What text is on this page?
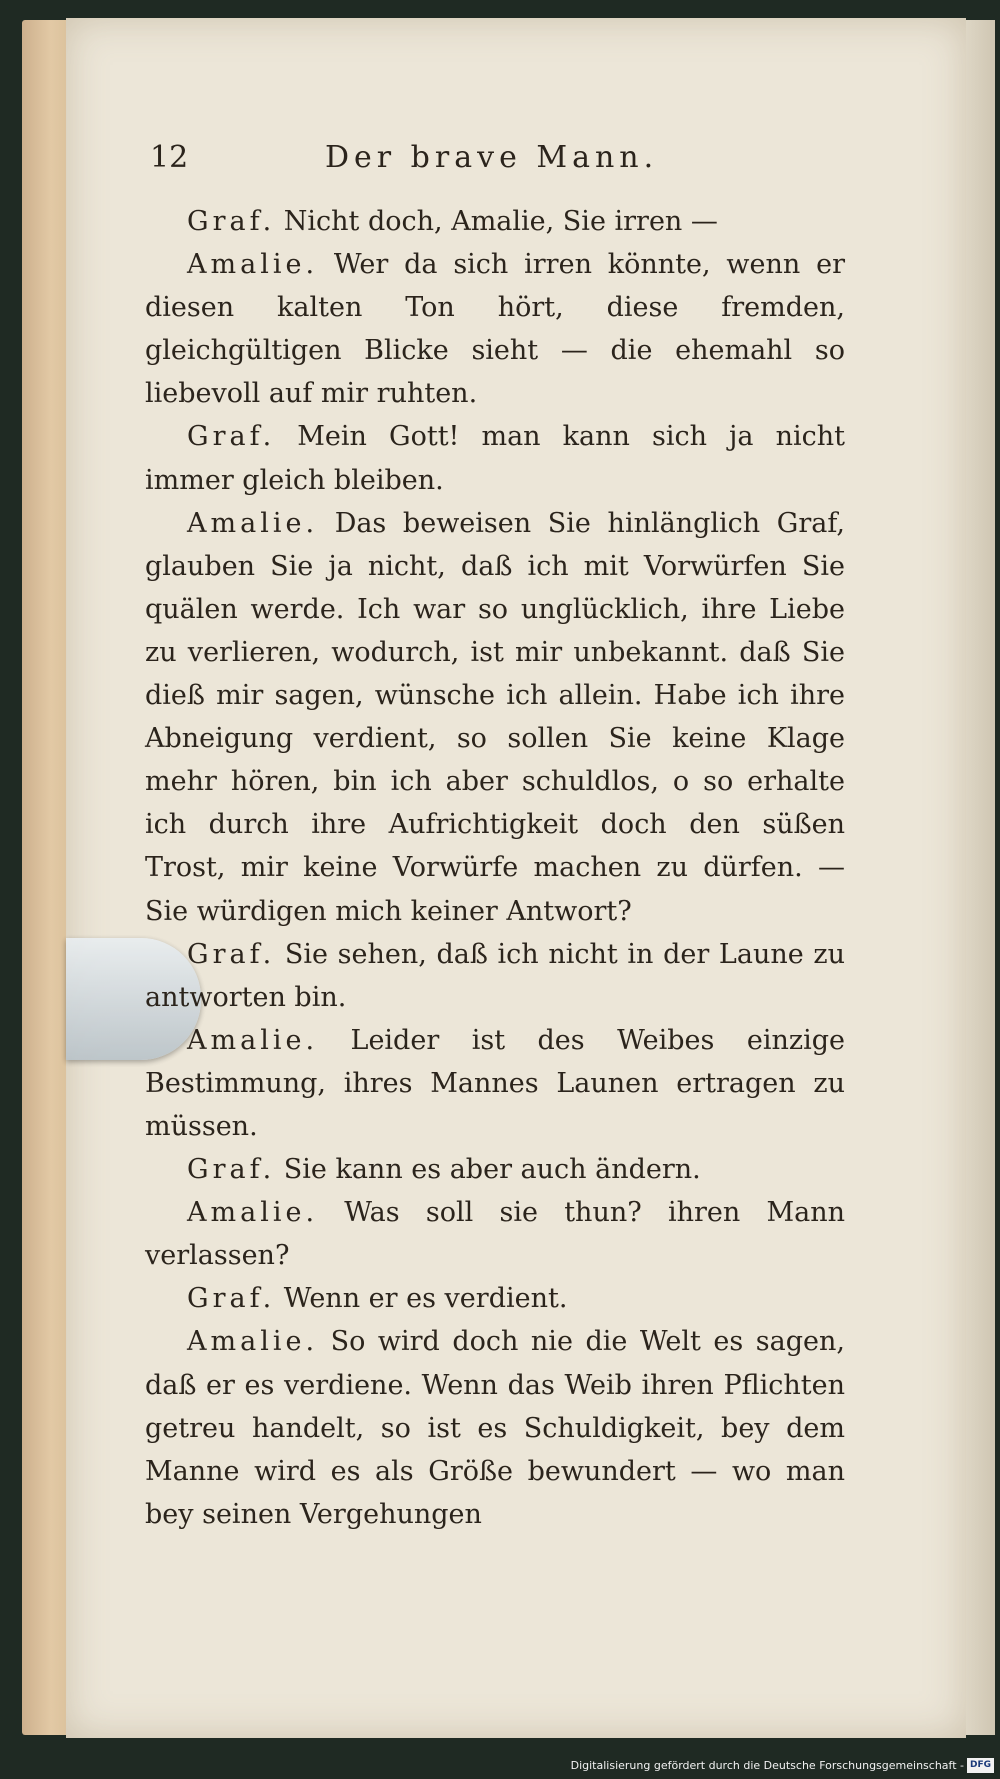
12	Der brave Mann.

Graf. Nicht doch, Amalie, Sie irren —

Amalie. Wer da sich irren könnte, wenn er diesen kalten Ton hört, diese fremden, gleichgültigen Blicke sieht — die ehemahl so liebevoll auf mir ruhten.

Graf. Mein Gott! man kann sich ja nicht immer gleich bleiben.

Amalie. Das beweisen Sie hinlänglich Graf, glauben Sie ja nicht, daß ich mit Vorwürfen Sie quälen werde. Ich war so unglücklich, ihre Liebe zu verlieren, wodurch, ist mir unbekannt. daß Sie dieß mir sagen, wünsche ich allein. Habe ich ihre Abneigung verdient, so sollen Sie keine Klage mehr hören, bin ich aber schuldlos, o so erhalte ich durch ihre Aufrichtigkeit doch den süßen Trost, mir keine Vorwürfe machen zu dürfen. — Sie würdigen mich keiner Antwort?

Graf. Sie sehen, daß ich nicht in der Laune zu antworten bin.

Amalie. Leider ist des Weibes einzige Bestimmung, ihres Mannes Launen ertragen zu müssen.

Graf. Sie kann es aber auch ändern.

Amalie. Was soll sie thun? ihren Mann verlassen?

Graf. Wenn er es verdient.

Amalie. So wird doch nie die Welt es sagen, daß er es verdiene. Wenn das Weib ihren Pflichten getreu handelt, so ist es Schuldigkeit, bey dem Manne wird es als Größe bewundert — wo man bey seinen Vergehungen

Digitalisierung gefördert durch die Deutsche Forschungsgemeinschaft - DFG
